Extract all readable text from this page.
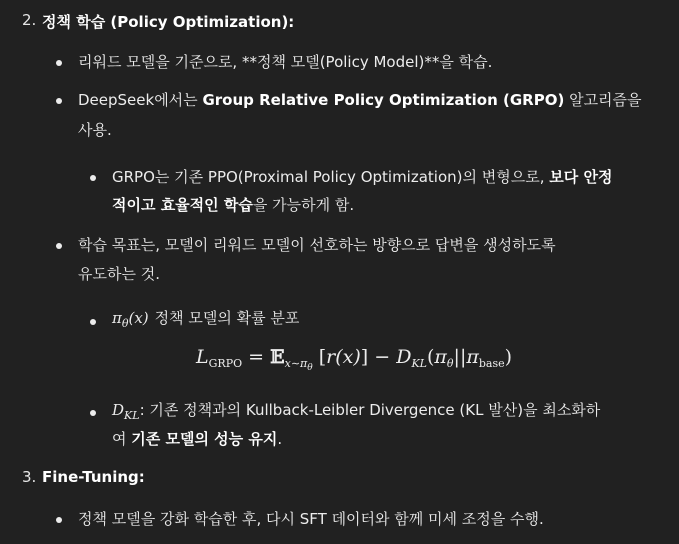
2. 정책 학습 (Policy Optimization):
리워드 모델을 기준으로, **정책 모델(Policy Model)**을 학습.
DeepSeek에서는 Group Relative Policy Optimization (GRPO) 알고리즘을
사용.
GRPO는 기존 PPO(Proximal Policy Optimization)의 변형으로, 보다 안정
적이고 효율적인 학습을 가능하게 함.
학습 목표는, 모델이 리워드 모델이 선호하는 방향으로 답변을 생성하도록
유도하는 것.
$\pi_\theta(x)$ 정책 모델의 확률 분포
$L_{GRPO}$ = 𝔼$_{x\sim\pi_\theta}$ $[r(x)] - D_{KL}(\pi_\theta||\pi_{base})$
$D_{KL}$: 기존 정책과의 Kullback-Leibler Divergence (KL 발산)을 최소화하
여 기존 모델의 성능 유지.
3. Fine-Tuning:
정책 모델을 강화 학습한 후, 다시 SFT 데이터와 함께 미세 조정을 수행.
